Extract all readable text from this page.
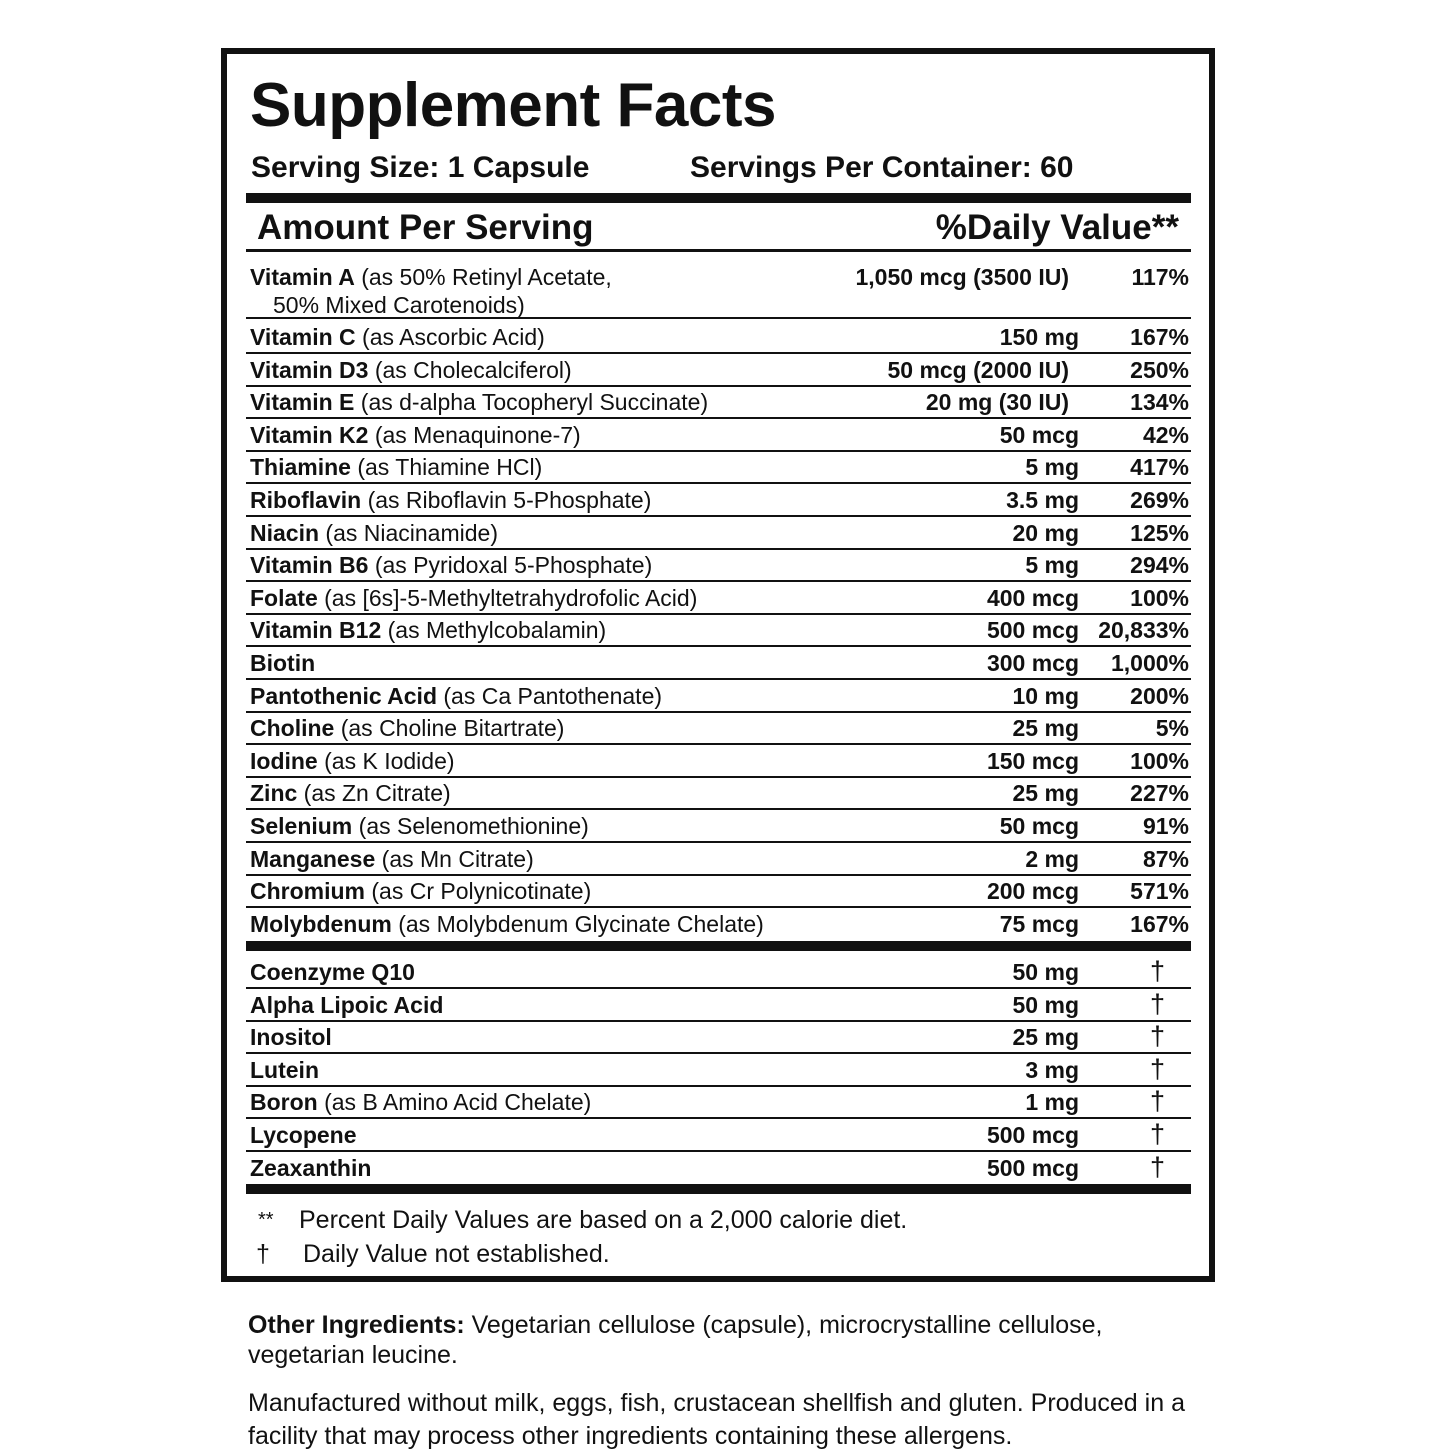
Supplement Facts
Serving Size: 1 Capsule	Servings Per Container: 60
Amount Per Serving	%Daily Value**
Vitamin A (as 50% Retinyl Acetate,
50% Mixed Carotenoids)
1,050 mcg (3500 IU)	117%
Vitamin C (as Ascorbic Acid)	150 mg 167%
Vitamin D3 (as Cholecalciferol)	50 mcg (2000 IU)	250%
Vitamin E (as d-alpha Tocopheryl Succinate)	20 mg (30 IU)	134%
Vitamin K2 (as Menaquinone-7)	50 mcg	42%
Thiamine (as Thiamine HCl)	5 mg 417%
Riboflavin (as Riboflavin 5-Phosphate)	3.5 mg 269%
Niacin (as Niacinamide)	20 mg 125%
Vitamin B6 (as Pyridoxal 5-Phosphate)	5 mg 294%
Folate (as [6s]-5-Methyltetrahydrofolic Acid)	400 mcg 100%
Vitamin B12 (as Methylcobalamin)	500 mcg 20,833%
Biotin	300 mcg 1,000%
Pantothenic Acid (as Ca Pantothenate)	10 mg 200%
Choline (as Choline Bitartrate)	25 mg	5%
Iodine (as K Iodide)	150 mcg 100%
Zinc (as Zn Citrate)	25 mg 227%
Selenium (as Selenomethionine)	50 mcg	91%
Manganese (as Mn Citrate)	2 mg	87%
Chromium (as Cr Polynicotinate)	200 mcg 571%
Molybdenum (as Molybdenum Glycinate Chelate)	75 mcg 167%
Coenzyme Q10	50 mg	†
Alpha Lipoic Acid	50 mg	†
Inositol	25 mg	†
Lutein	3 mg	†
Boron (as B Amino Acid Chelate)	1 mg	†
Lycopene	500 mcg	†
Zeaxanthin	500 mcg	†
** Percent Daily Values are based on a 2,000 calorie diet.
† Daily Value not established.
Other Ingredients: Vegetarian cellulose (capsule), microcrystalline cellulose, vegetarian leucine.
Manufactured without milk, eggs, fish, crustacean shellfish and gluten. Produced in a facility that may process other ingredients containing these allergens.
